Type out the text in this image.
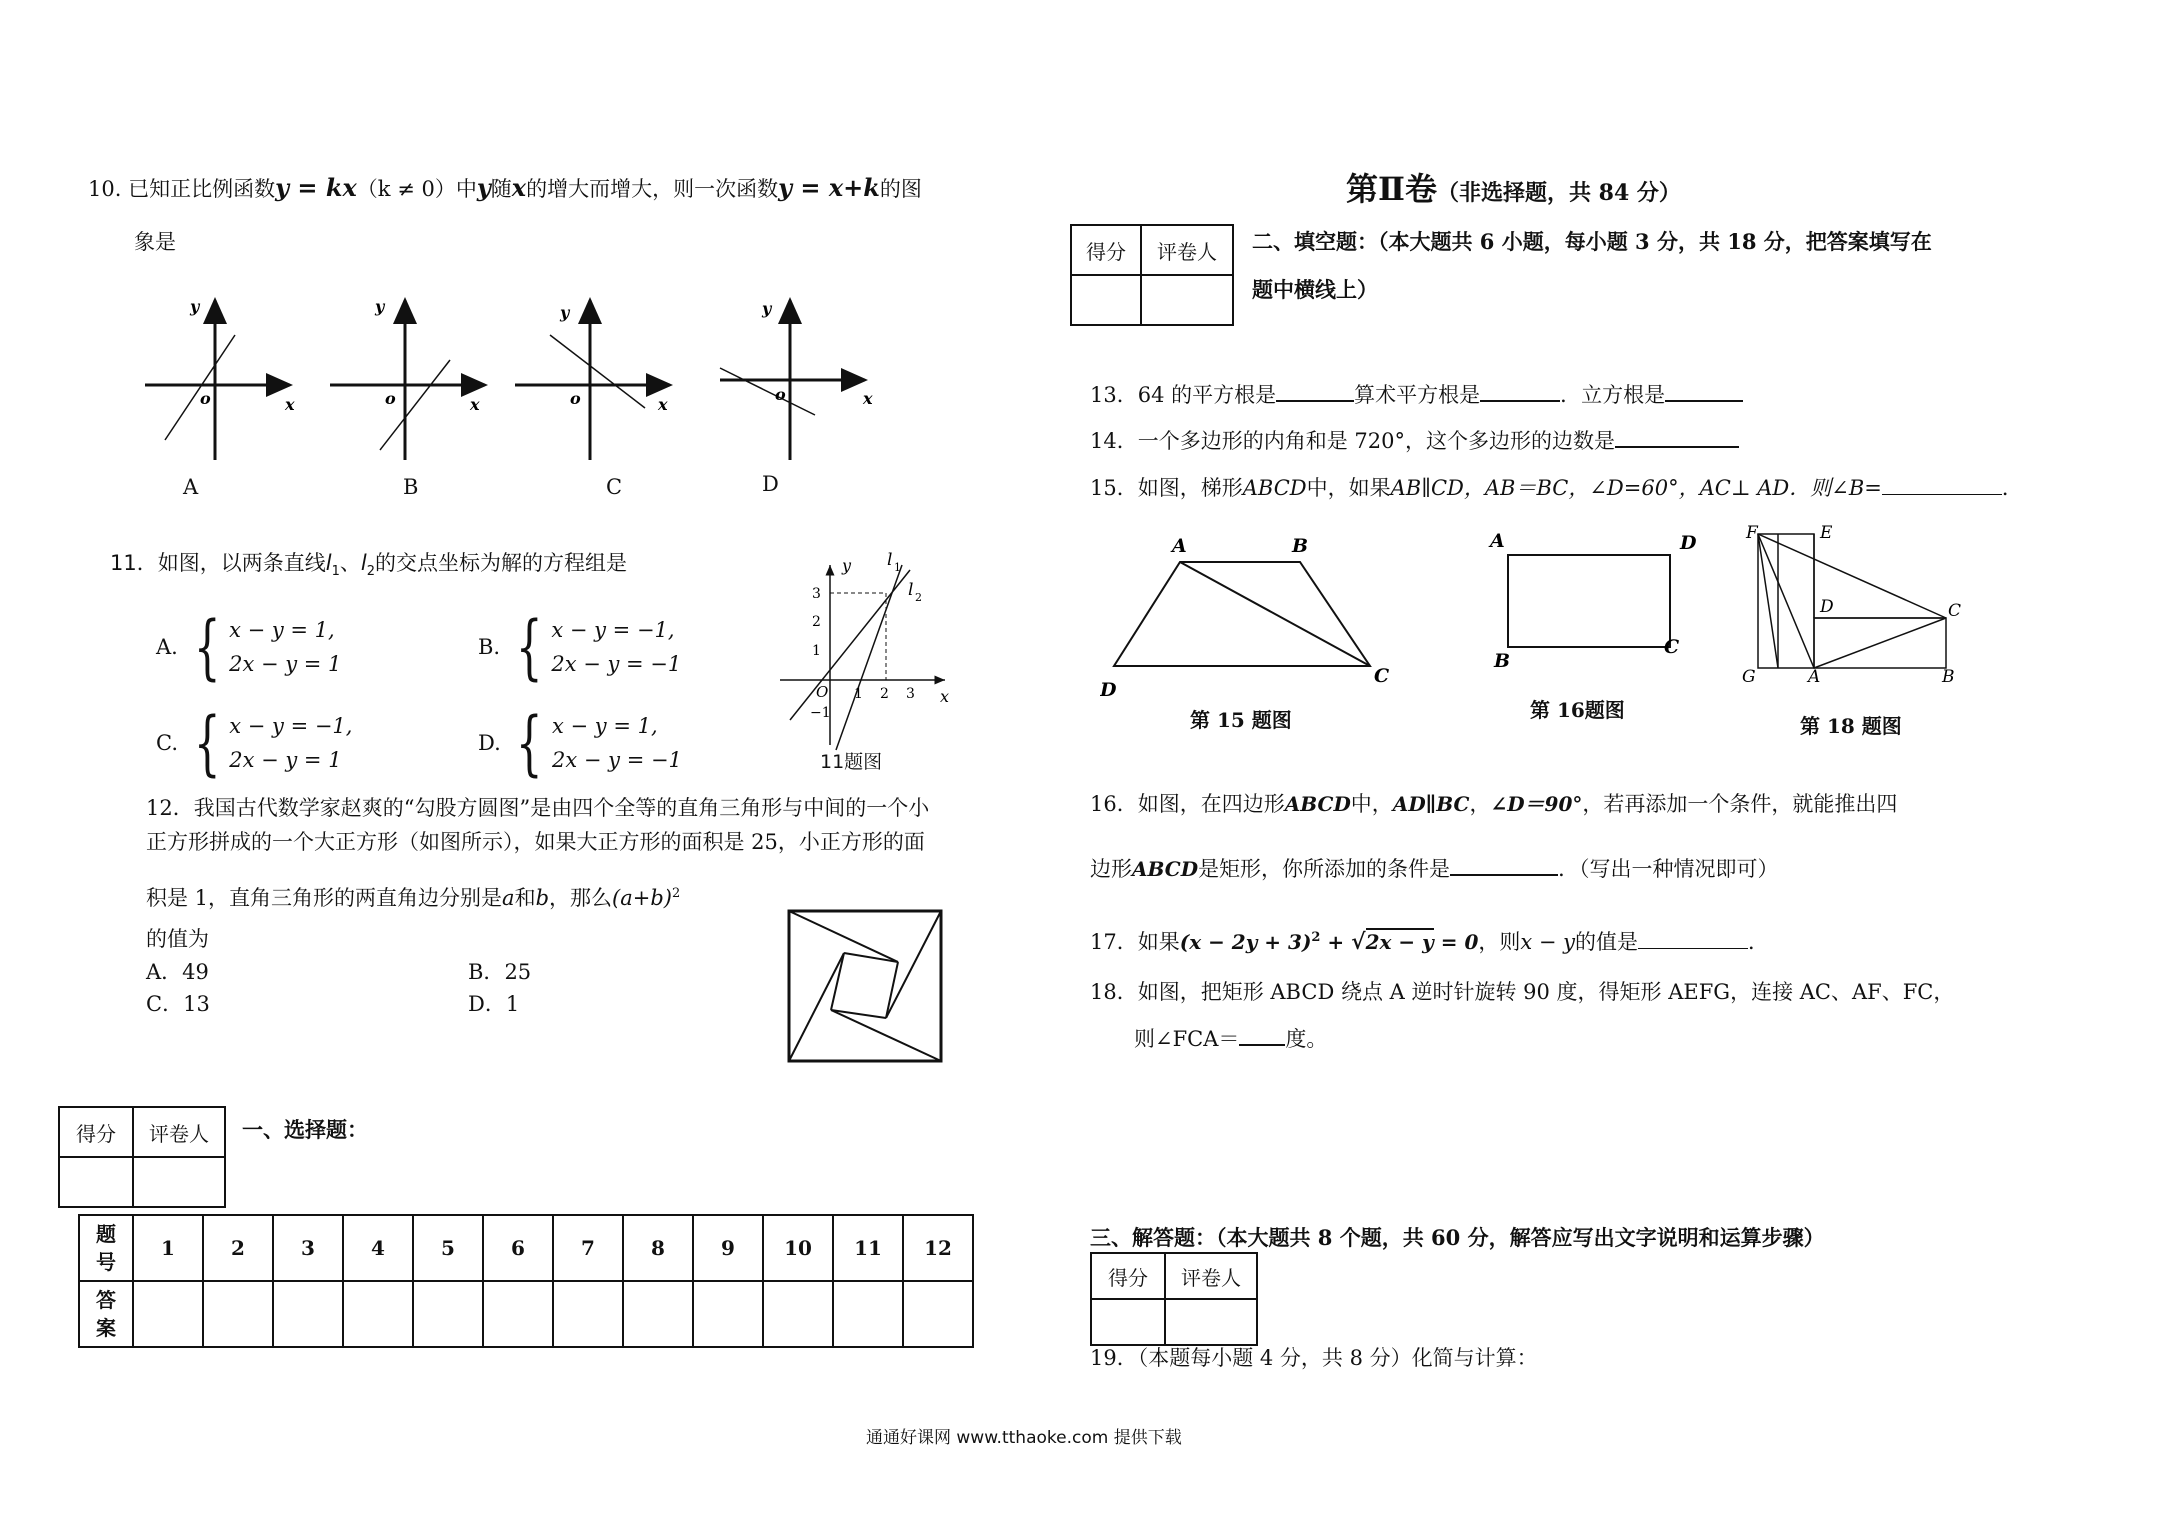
10. 已知正比例函数y = kx（k ≠ 0）中y随x的增大而增大，则一次函数y = x+k的图
象是
y
x
o
y
x
o
y
x
o
y
x
o
A	B	C	D
11．如图，以两条直线$l_1$、$l_2$的交点坐标为解的方程组是
A. { x − y = 1,
2x − y = 1
B. { x − y = −1,
2x − y = −1
C. { x − y = −1,
2x − y = 1
D. { x − y = 1,
2x − y = −1
y
x
O
l 1
l 2
3
2
1
1 2 3
−1
11题图
12．我国古代数学家赵爽的“勾股方圆图”是由四个全等的直角三角形与中间的一个小
正方形拼成的一个大正方形（如图所示），如果大正方形的面积是 25，小正方形的面
积是 1，直角三角形的两直角边分别是a和b，那么$(a+b)^2$
的值为
A．49	B．25
C．13	D．1
得分	评卷人
	一、选择题：
题
号	1	2	3	4	5	6	7	8	9	10	11	12
答
案												
第Ⅱ卷（非选择题，共 84 分）
得分	评卷人
	二、填空题：（本大题共 6 小题，每小题 3 分，共 18 分，把答案填写在
题中横线上）
13．64 的平方根是	算术平方根是	．立方根是
14．一个多边形的内角和是 720°，这个多边形的边数是
15．如图，梯形ABCD中，如果AB∥CD，AB＝BC，∠D=60°，AC⊥ AD．则∠B=	．
A	B
C
D
第 15 题图
A	D
B
C
第 16题图
F	E
D	C
G	A	B
第 18 题图
16．如图，在四边形ABCD中，AD∥BC，∠D＝90°，若再添加一个条件，就能推出四
边形ABCD是矩形，你所添加的条件是	．（写出一种情况即可）
17．如果$(x - 2y + 3)^2 + √2x - y = 0$，则x − y的值是	．
18．如图，把矩形 ABCD 绕点 A 逆时针旋转 90 度，得矩形 AEFG，连接 AC、AF、FC，
则∠FCA＝ 度。
三、解答题：（本大题共 8 个题，共 60 分，解答应写出文字说明和运算步骤）
得分	评卷人

19．（本题每小题 4 分，共 8 分）化简与计算：
通通好课网 www.tthaoke.com 提供下载
